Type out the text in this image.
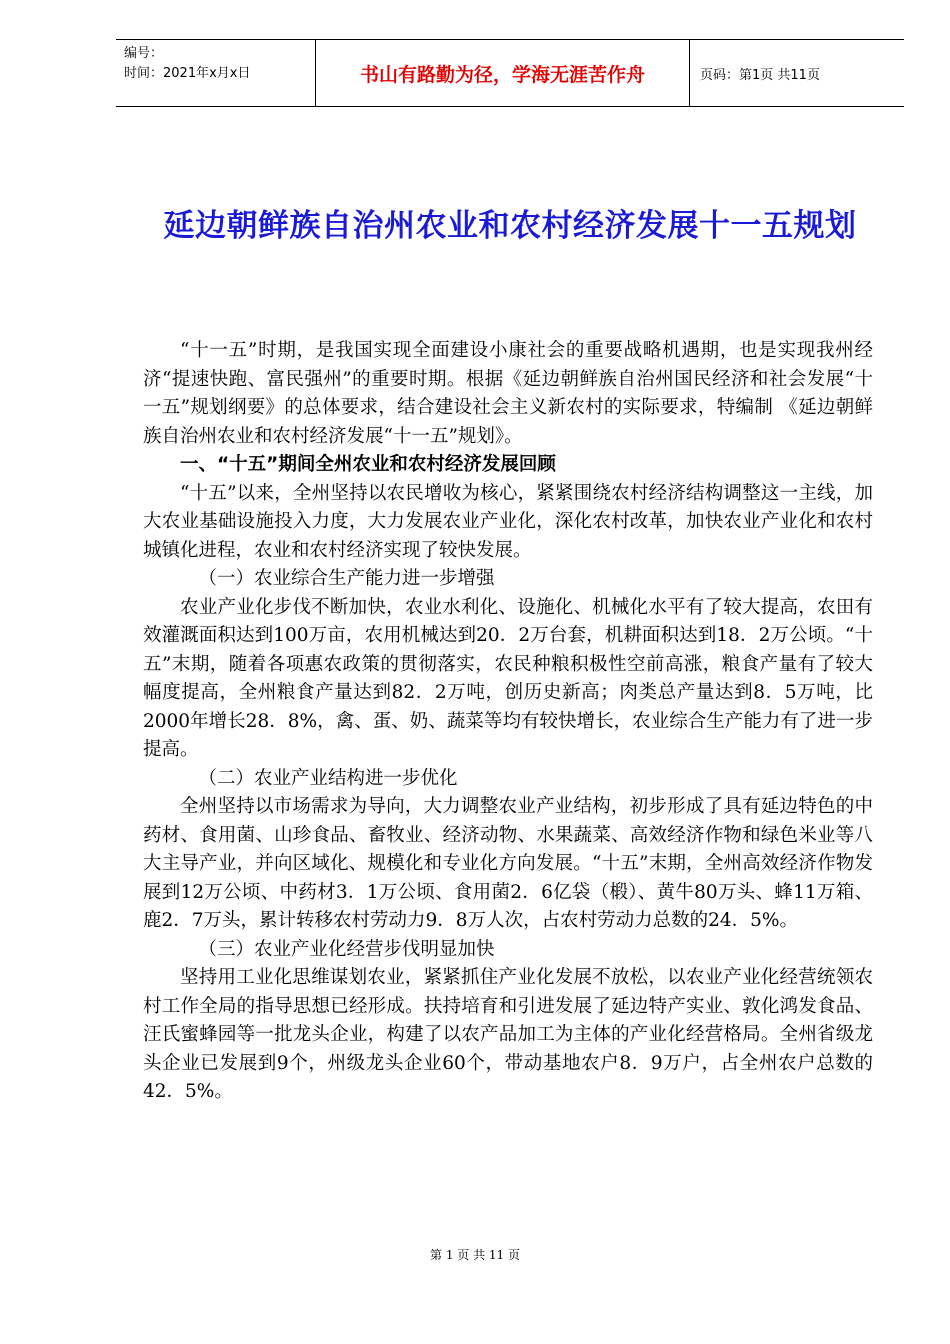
编号：
时间：2021年x月x日	书山有路勤为径，学海无涯苦作舟	页码：第1页 共11页
延边朝鲜族自治州农业和农村经济发展十一五规划

“十一五”时期，是我国实现全面建设小康社会的重要战略机遇期，也是实现我州经济“提速快跑、富民强州”的重要时期。根据《延边朝鲜族自治州国民经济和社会发展“十一五”规划纲要》的总体要求，结合建设社会主义新农村的实际要求，特编制 《延边朝鲜族自治州农业和农村经济发展“十一五”规划》。

一、“十五”期间全州农业和农村经济发展回顾

“十五”以来，全州坚持以农民增收为核心，紧紧围绕农村经济结构调整这一主线，加大农业基础设施投入力度，大力发展农业产业化，深化农村改革，加快农业产业化和农村城镇化进程，农业和农村经济实现了较快发展。

（一）农业综合生产能力进一步增强

农业产业化步伐不断加快，农业水利化、设施化、机械化水平有了较大提高，农田有效灌溉面积达到100万亩，农用机械达到20．2万台套，机耕面积达到18．2万公顷。“十五”末期，随着各项惠农政策的贯彻落实，农民种粮积极性空前高涨，粮食产量有了较大幅度提高，全州粮食产量达到82．2万吨，创历史新高；肉类总产量达到8．5万吨，比2000年增长28．8%，禽、蛋、奶、蔬菜等均有较快增长，农业综合生产能力有了进一步提高。

（二）农业产业结构进一步优化

全州坚持以市场需求为导向，大力调整农业产业结构，初步形成了具有延边特色的中药材、食用菌、山珍食品、畜牧业、经济动物、水果蔬菜、高效经济作物和绿色米业等八大主导产业，并向区域化、规模化和专业化方向发展。“十五”末期，全州高效经济作物发展到12万公顷、中药材3．1万公顷、食用菌2．6亿袋（椴）、黄牛80万头、蜂11万箱、鹿2．7万头，累计转移农村劳动力9．8万人次，占农村劳动力总数的24．5%。

（三）农业产业化经营步伐明显加快

坚持用工业化思维谋划农业，紧紧抓住产业化发展不放松，以农业产业化经营统领农村工作全局的指导思想已经形成。扶持培育和引进发展了延边特产实业、敦化鸿发食品、汪氏蜜蜂园等一批龙头企业，构建了以农产品加工为主体的产业化经营格局。全州省级龙头企业已发展到9个，州级龙头企业60个，带动基地农户8．9万户，占全州农户总数的42．5%。

第 1 页 共 11 页
